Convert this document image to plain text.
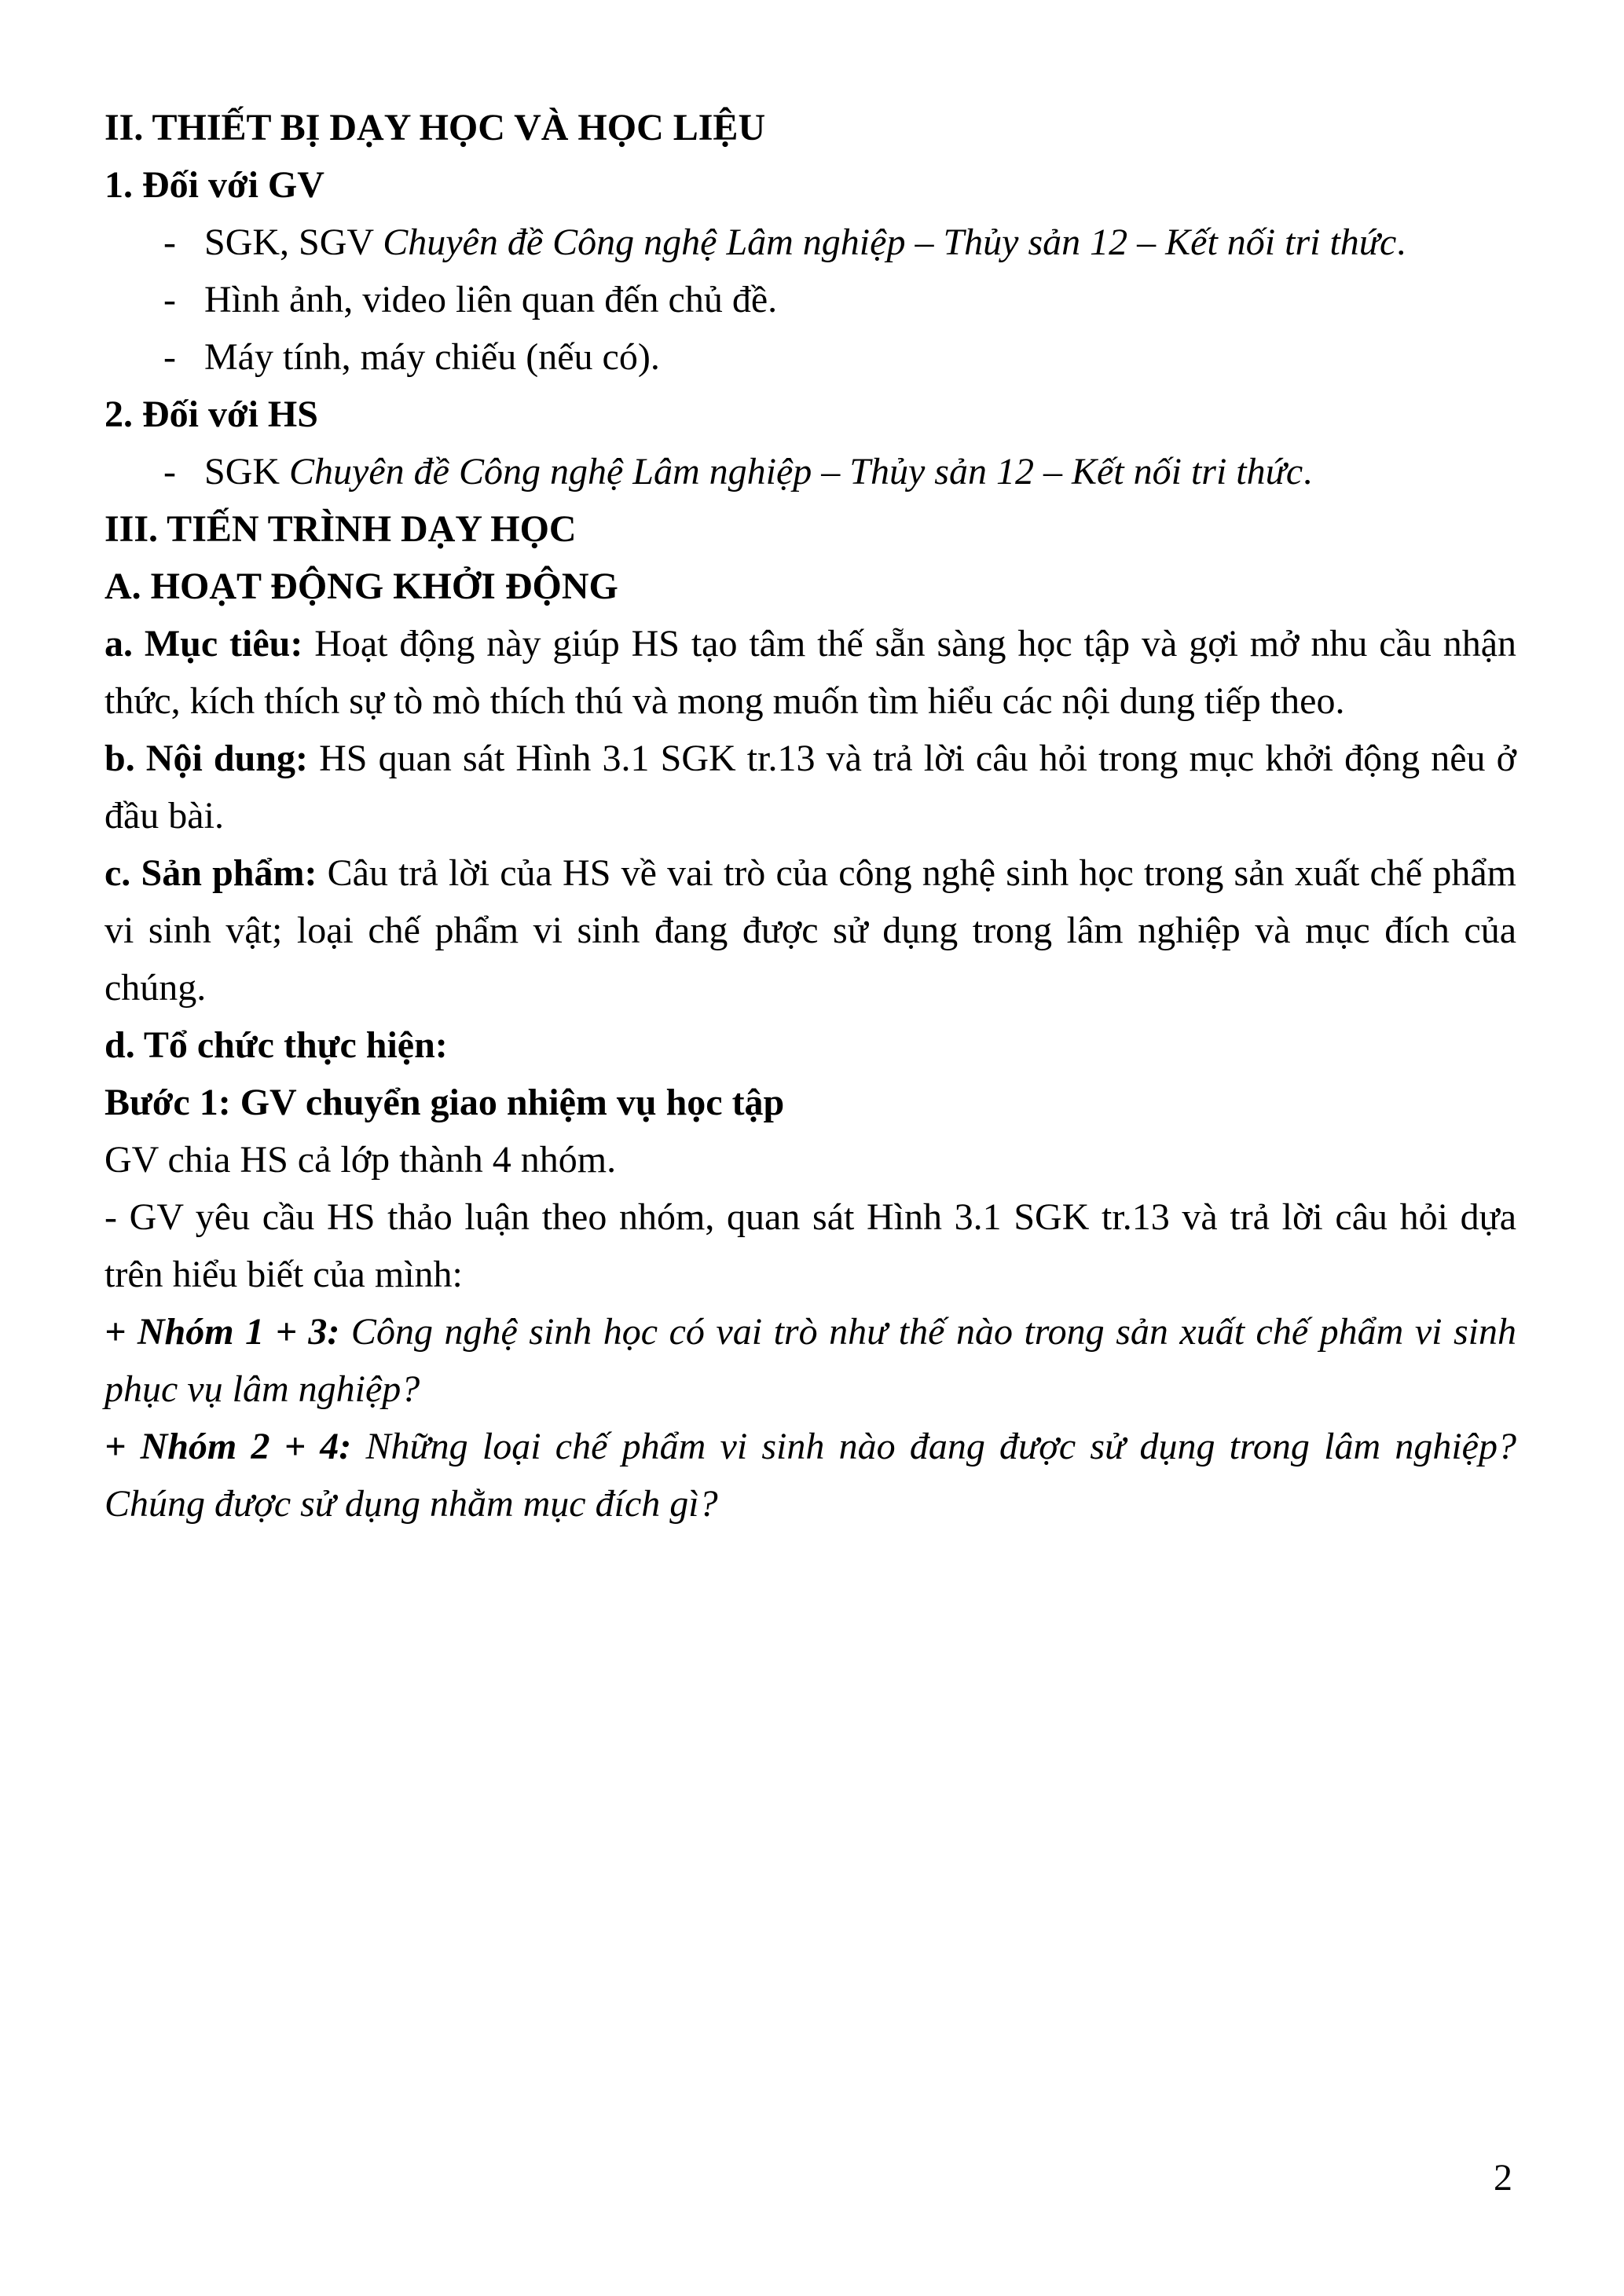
II. THIẾT BỊ DẠY HỌC VÀ HỌC LIỆU

1. Đối với GV

- SGK, SGV Chuyên đề Công nghệ Lâm nghiệp – Thủy sản 12 – Kết nối tri thức.
- Hình ảnh, video liên quan đến chủ đề.
- Máy tính, máy chiếu (nếu có).

2. Đối với HS

- SGK Chuyên đề Công nghệ Lâm nghiệp – Thủy sản 12 – Kết nối tri thức.

III. TIẾN TRÌNH DẠY HỌC

A. HOẠT ĐỘNG KHỞI ĐỘNG

a. Mục tiêu: Hoạt động này giúp HS tạo tâm thế sẵn sàng học tập và gợi mở nhu cầu nhận thức, kích thích sự tò mò thích thú và mong muốn tìm hiểu các nội dung tiếp theo.

b. Nội dung: HS quan sát Hình 3.1 SGK tr.13 và trả lời câu hỏi trong mục khởi động nêu ở đầu bài.

c. Sản phẩm: Câu trả lời của HS về vai trò của công nghệ sinh học trong sản xuất chế phẩm vi sinh vật; loại chế phẩm vi sinh đang được sử dụng trong lâm nghiệp và mục đích của chúng.

d. Tổ chức thực hiện:

Bước 1: GV chuyển giao nhiệm vụ học tập

GV chia HS cả lớp thành 4 nhóm.

- GV yêu cầu HS thảo luận theo nhóm, quan sát Hình 3.1 SGK tr.13 và trả lời câu hỏi dựa trên hiểu biết của mình:

+ Nhóm 1 + 3: Công nghệ sinh học có vai trò như thế nào trong sản xuất chế phẩm vi sinh phục vụ lâm nghiệp?

+ Nhóm 2 + 4: Những loại chế phẩm vi sinh nào đang được sử dụng trong lâm nghiệp? Chúng được sử dụng nhằm mục đích gì?

2
